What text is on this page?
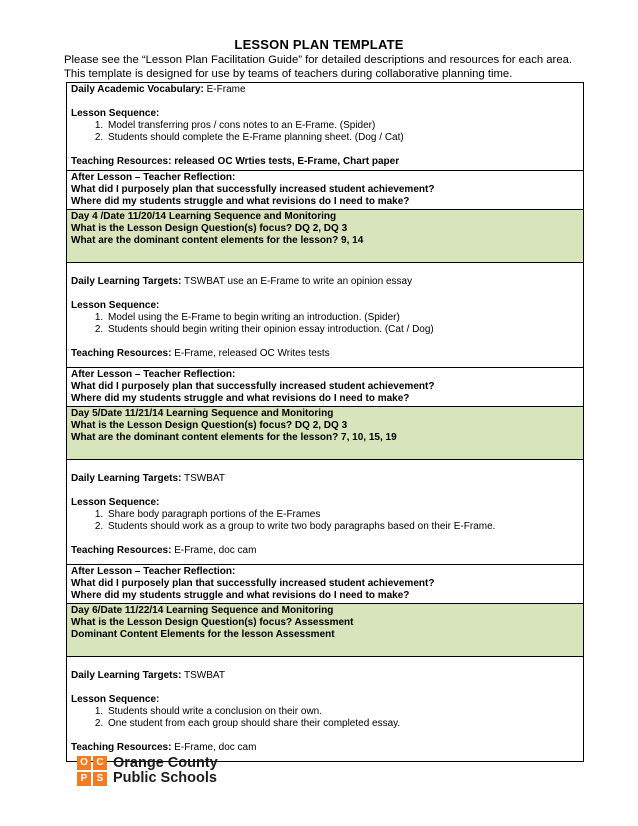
LESSON PLAN TEMPLATE
Please see the “Lesson Plan Facilitation Guide” for detailed descriptions and resources for each area. This template is designed for use by teams of teachers during collaborative planning time.
Daily Academic Vocabulary: E-Frame
Lesson Sequence:
1. Model transferring pros / cons notes to an E-Frame. (Spider)
2. Students should complete the E-Frame planning sheet. (Dog / Cat)
Teaching Resources: released OC Wrties tests, E-Frame, Chart paper
After Lesson – Teacher Reflection:
What did I purposely plan that successfully increased student achievement?
Where did my students struggle and what revisions do I need to make?
Day 4 /Date 11/20/14 Learning Sequence and Monitoring
What is the Lesson Design Question(s) focus? DQ 2, DQ 3
What are the dominant content elements for the lesson? 9, 14
Daily Learning Targets: TSWBAT use an E-Frame to write an opinion essay
Lesson Sequence:
1. Model using the E-Frame to begin writing an introduction. (Spider)
2. Students should begin writing their opinion essay introduction. (Cat / Dog)
Teaching Resources: E-Frame, released OC Writes tests
After Lesson – Teacher Reflection:
What did I purposely plan that successfully increased student achievement?
Where did my students struggle and what revisions do I need to make?
Day 5/Date 11/21/14 Learning Sequence and Monitoring
What is the Lesson Design Question(s) focus? DQ 2, DQ 3
What are the dominant content elements for the lesson? 7, 10, 15, 19
Daily Learning Targets: TSWBAT
Lesson Sequence:
1. Share body paragraph portions of the E-Frames
2. Students should work as a group to write two body paragraphs based on their E-Frame.
Teaching Resources: E-Frame, doc cam
After Lesson – Teacher Reflection:
What did I purposely plan that successfully increased student achievement?
Where did my students struggle and what revisions do I need to make?
Day 6/Date 11/22/14 Learning Sequence and Monitoring
What is the Lesson Design Question(s) focus? Assessment
Dominant Content Elements for the lesson Assessment
Daily Learning Targets: TSWBAT
Lesson Sequence:
1. Students should write a conclusion on their own.
2. One student from each group should share their completed essay.
Teaching Resources: E-Frame, doc cam
O C
P S
Orange County
Public Schools
